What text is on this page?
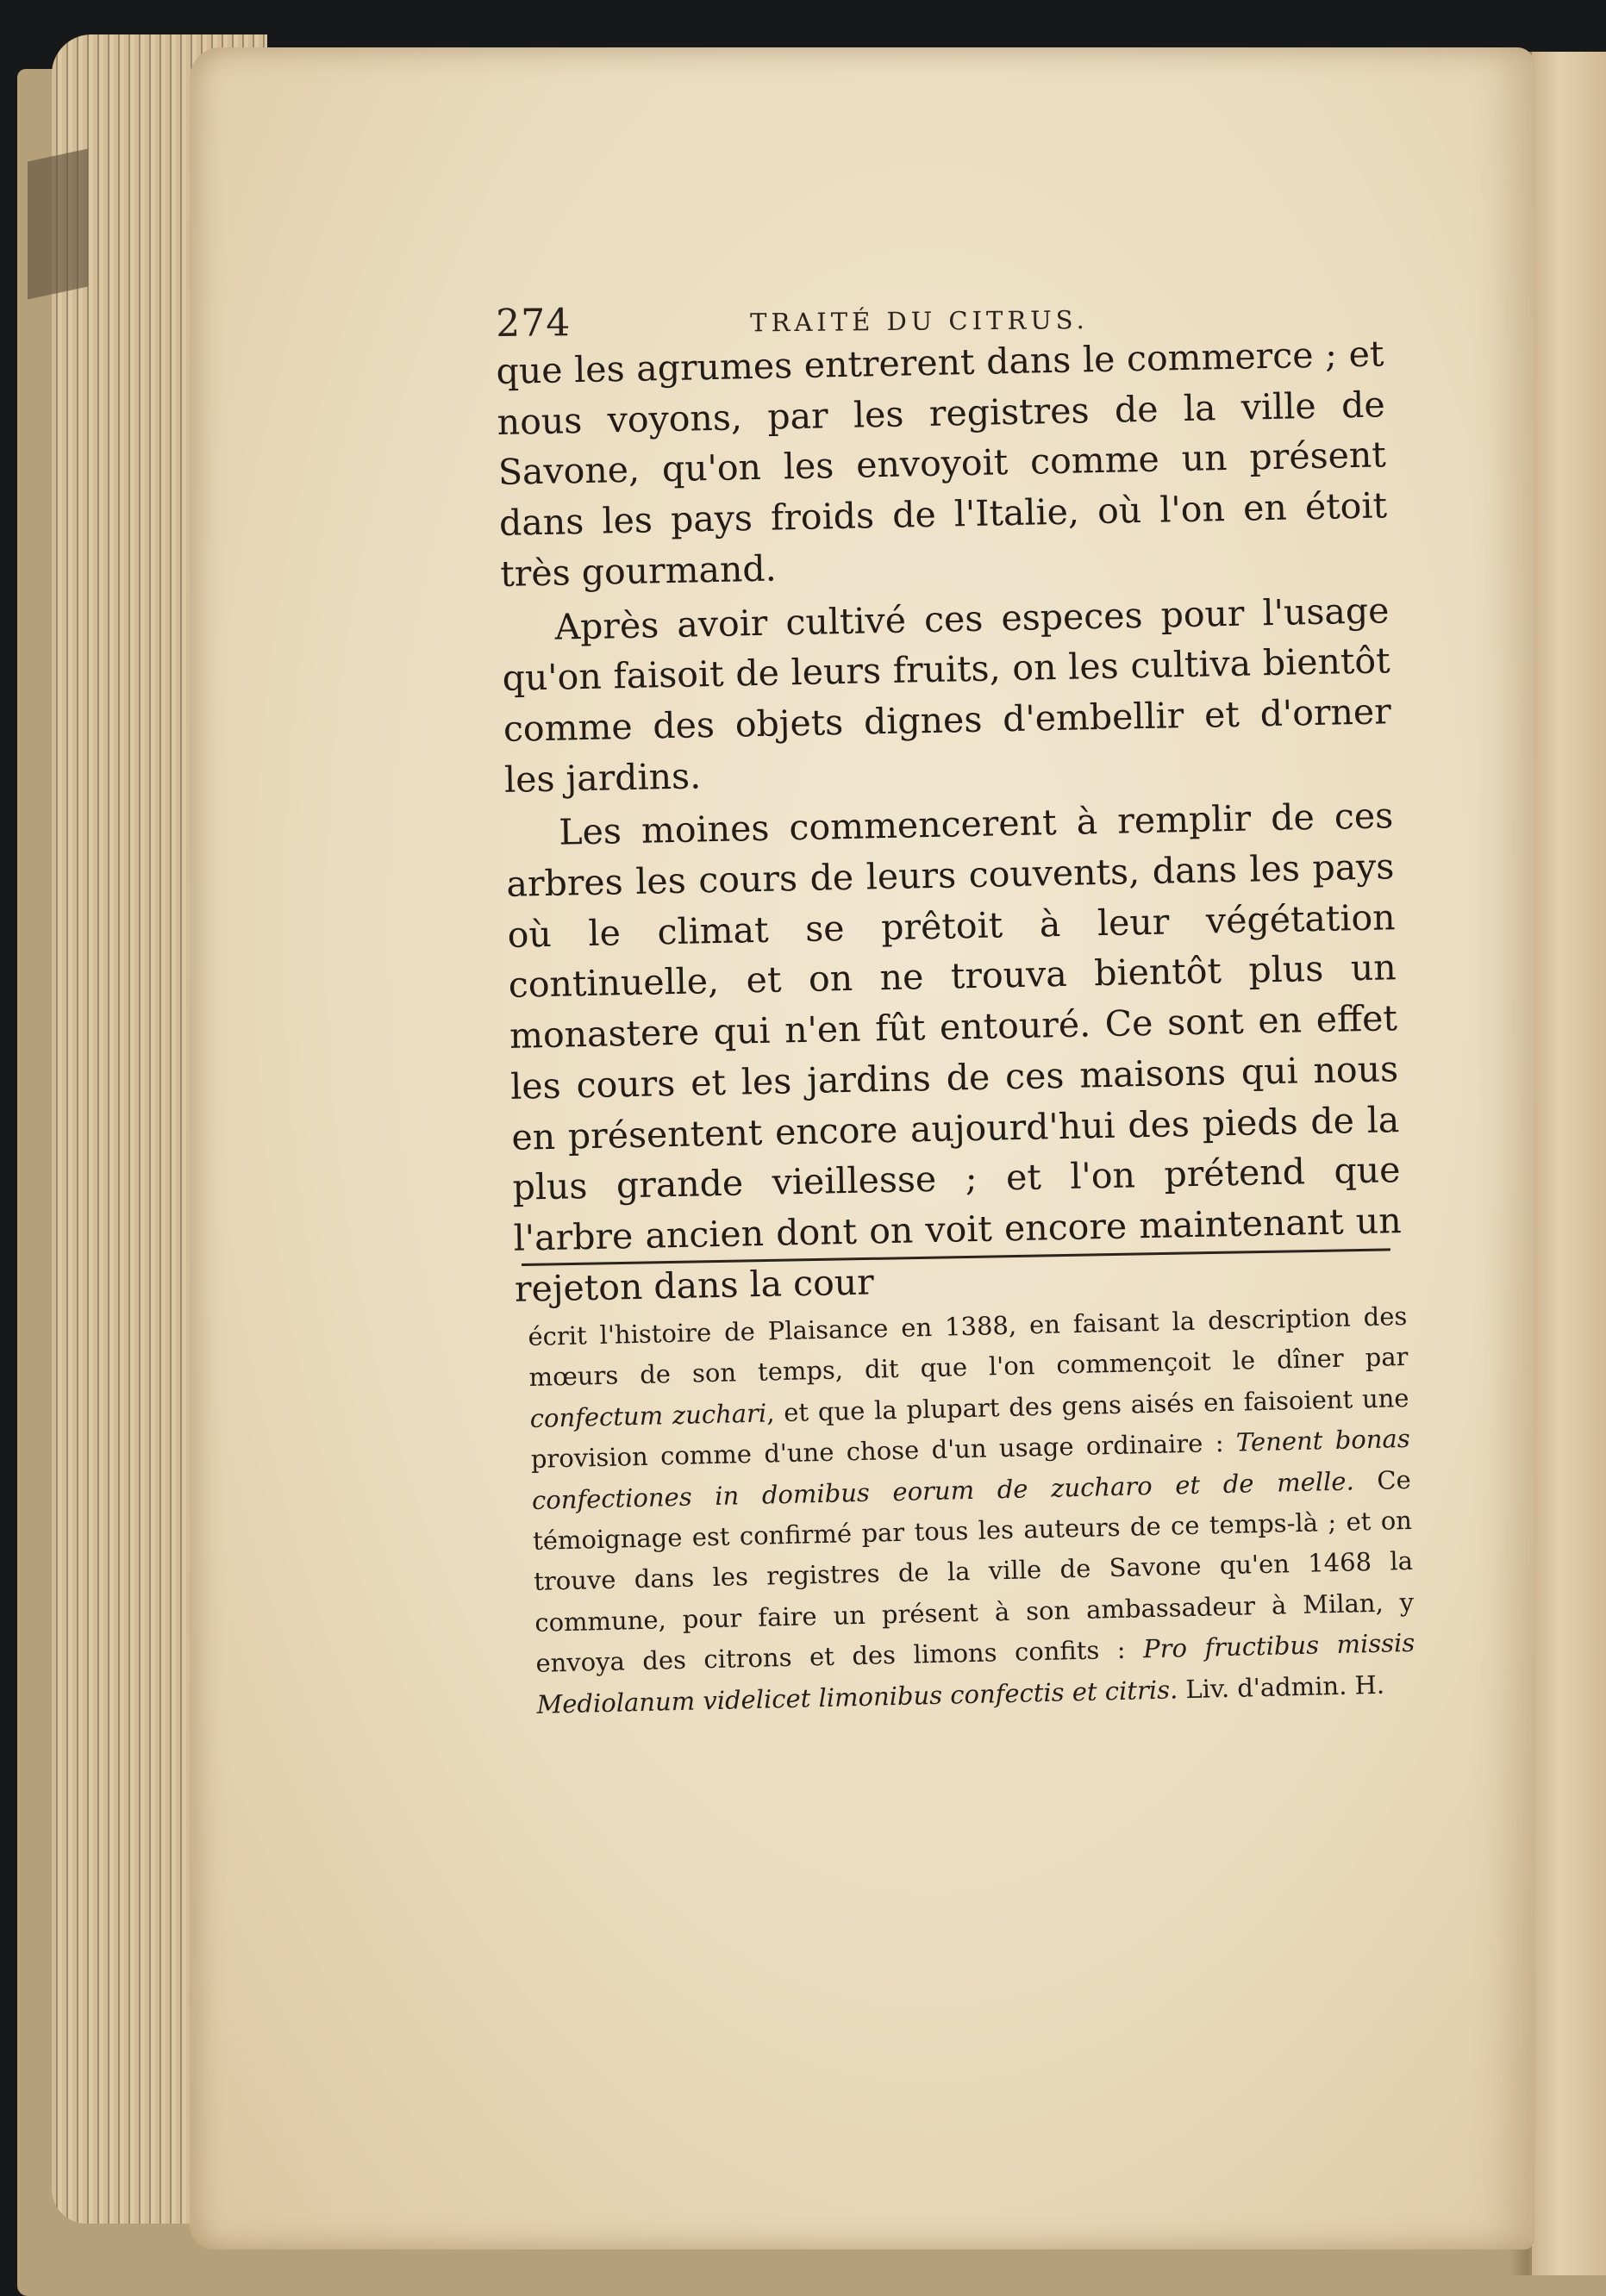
274	TRAITÉ DU CITRUS.

que les agrumes entrerent dans le commerce ; et nous voyons, par les registres de la ville de Savone, qu'on les envoyoit comme un présent dans les pays froids de l'Italie, où l'on en étoit très gourmand.

Après avoir cultivé ces especes pour l'usage qu'on faisoit de leurs fruits, on les cultiva bientôt comme des objets dignes d'embellir et d'orner les jardins.

Les moines commencerent à remplir de ces arbres les cours de leurs couvents, dans les pays où le climat se prêtoit à leur végétation continuelle, et on ne trouva bientôt plus un monastere qui n'en fût entouré. Ce sont en effet les cours et les jardins de ces maisons qui nous en présentent encore aujourd'hui des pieds de la plus grande vieillesse ; et l'on prétend que l'arbre ancien dont on voit encore maintenant un rejeton dans la cour

écrit l'histoire de Plaisance en 1388, en faisant la description des mœurs de son temps, dit que l'on commençoit le dîner par confectum zuchari, et que la plupart des gens aisés en faisoient une provision comme d'une chose d'un usage ordinaire : Tenent bonas confectiones in domibus eorum de zucharo et de melle. Ce témoignage est confirmé par tous les auteurs de ce temps-là ; et on trouve dans les registres de la ville de Savone qu'en 1468 la commune, pour faire un présent à son ambassadeur à Milan, y envoya des citrons et des limons confits : Pro fructibus missis Mediolanum videlicet limonibus confectis et citris. Liv. d'admin. H.
